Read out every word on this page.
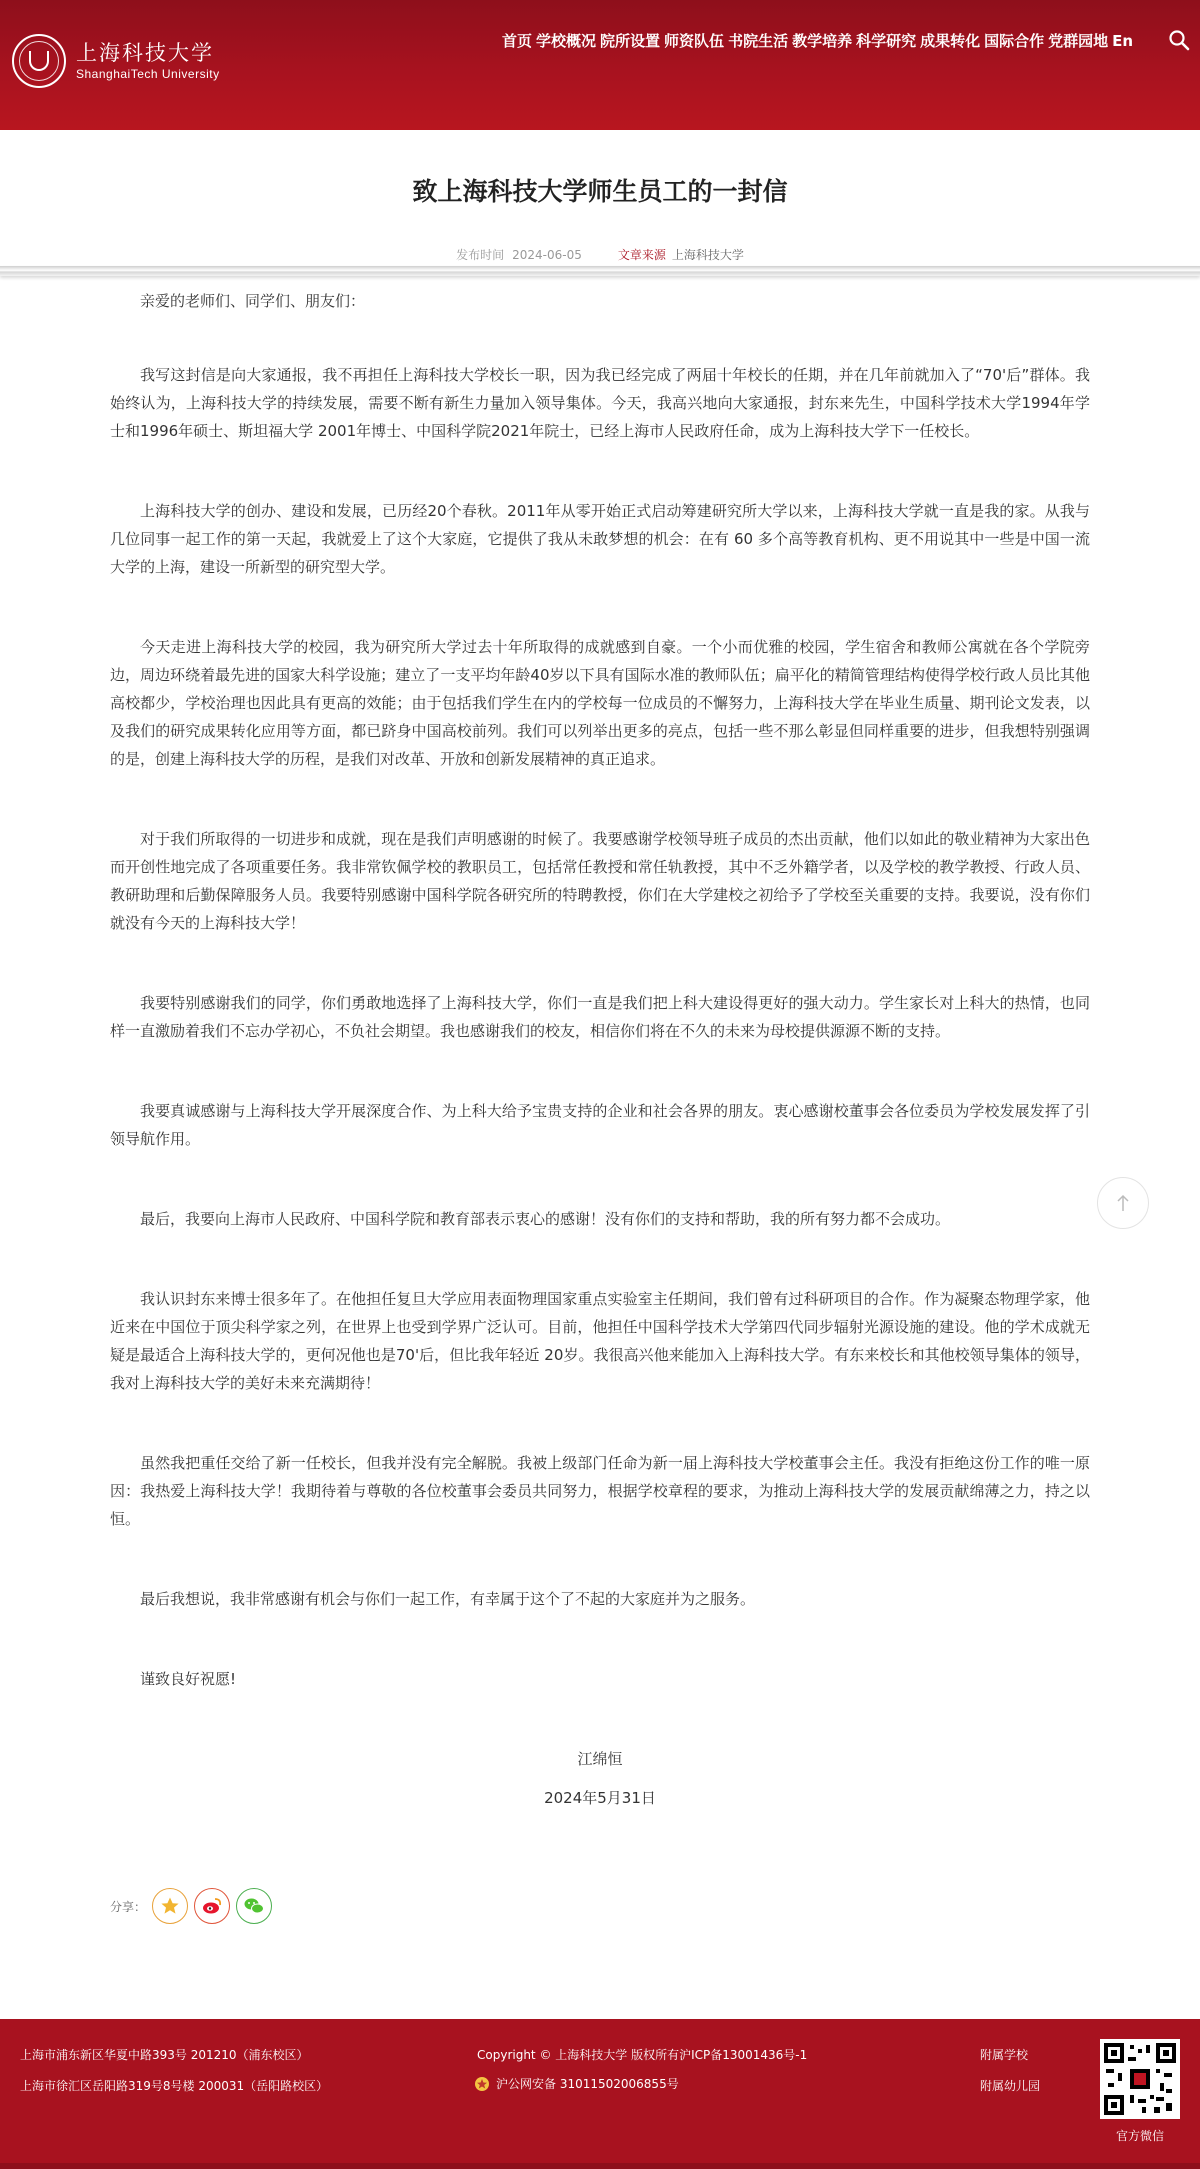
上海科技大学
ShanghaiTech University
首页 学校概况 院所设置 师资队伍 书院生活 教学培养 科学研究 成果转化 国际合作 党群园地 En
致上海科技大学师生员工的一封信
发布时间 2024-06-05	文章来源 上海科技大学

亲爱的老师们、同学们、朋友们：

我写这封信是向大家通报，我不再担任上海科技大学校长一职，因为我已经完成了两届十年校长的任期，并在几年前就加入了“70'后”群体。我始终认为，上海科技大学的持续发展，需要不断有新生力量加入领导集体。今天，我高兴地向大家通报，封东来先生，中国科学技术大学1994年学士和1996年硕士、斯坦福大学 2001年博士、中国科学院2021年院士，已经上海市人民政府任命，成为上海科技大学下一任校长。

上海科技大学的创办、建设和发展，已历经20个春秋。2011年从零开始正式启动筹建研究所大学以来，上海科技大学就一直是我的家。从我与几位同事一起工作的第一天起，我就爱上了这个大家庭，它提供了我从未敢梦想的机会：在有 60 多个高等教育机构、更不用说其中一些是中国一流大学的上海，建设一所新型的研究型大学。

今天走进上海科技大学的校园，我为研究所大学过去十年所取得的成就感到自豪。一个小而优雅的校园，学生宿舍和教师公寓就在各个学院旁边，周边环绕着最先进的国家大科学设施；建立了一支平均年龄40岁以下具有国际水准的教师队伍；扁平化的精简管理结构使得学校行政人员比其他高校都少，学校治理也因此具有更高的效能；由于包括我们学生在内的学校每一位成员的不懈努力，上海科技大学在毕业生质量、期刊论文发表，以及我们的研究成果转化应用等方面，都已跻身中国高校前列。我们可以列举出更多的亮点，包括一些不那么彰显但同样重要的进步，但我想特别强调的是，创建上海科技大学的历程，是我们对改革、开放和创新发展精神的真正追求。

对于我们所取得的一切进步和成就，现在是我们声明感谢的时候了。我要感谢学校领导班子成员的杰出贡献，他们以如此的敬业精神为大家出色而开创性地完成了各项重要任务。我非常钦佩学校的教职员工，包括常任教授和常任轨教授，其中不乏外籍学者，以及学校的教学教授、行政人员、教研助理和后勤保障服务人员。我要特别感谢中国科学院各研究所的特聘教授，你们在大学建校之初给予了学校至关重要的支持。我要说，没有你们就没有今天的上海科技大学！

我要特别感谢我们的同学，你们勇敢地选择了上海科技大学，你们一直是我们把上科大建设得更好的强大动力。学生家长对上科大的热情，也同样一直激励着我们不忘办学初心，不负社会期望。我也感谢我们的校友，相信你们将在不久的未来为母校提供源源不断的支持。

我要真诚感谢与上海科技大学开展深度合作、为上科大给予宝贵支持的企业和社会各界的朋友。衷心感谢校董事会各位委员为学校发展发挥了引领导航作用。

最后，我要向上海市人民政府、中国科学院和教育部表示衷心的感谢！没有你们的支持和帮助，我的所有努力都不会成功。

我认识封东来博士很多年了。在他担任复旦大学应用表面物理国家重点实验室主任期间，我们曾有过科研项目的合作。作为凝聚态物理学家，他近来在中国位于顶尖科学家之列，在世界上也受到学界广泛认可。目前，他担任中国科学技术大学第四代同步辐射光源设施的建设。他的学术成就无疑是最适合上海科技大学的，更何况他也是70'后，但比我年轻近 20岁。我很高兴他来能加入上海科技大学。有东来校长和其他校领导集体的领导，我对上海科技大学的美好未来充满期待！

虽然我把重任交给了新一任校长，但我并没有完全解脱。我被上级部门任命为新一届上海科技大学校董事会主任。我没有拒绝这份工作的唯一原因：我热爱上海科技大学！我期待着与尊敬的各位校董事会委员共同努力，根据学校章程的要求，为推动上海科技大学的发展贡献绵薄之力，持之以恒。

最后我想说，我非常感谢有机会与你们一起工作，有幸属于这个了不起的大家庭并为之服务。

谨致良好祝愿!

江绵恒
2024年5月31日
分享：
上海市浦东新区华夏中路393号 201210（浦东校区）
上海市徐汇区岳阳路319号8号楼 200031（岳阳路校区）
Copyright © 上海科技大学 版权所有沪ICP备13001436号-1
沪公网安备 31011502006855号
附属学校
附属幼儿园
官方微信
